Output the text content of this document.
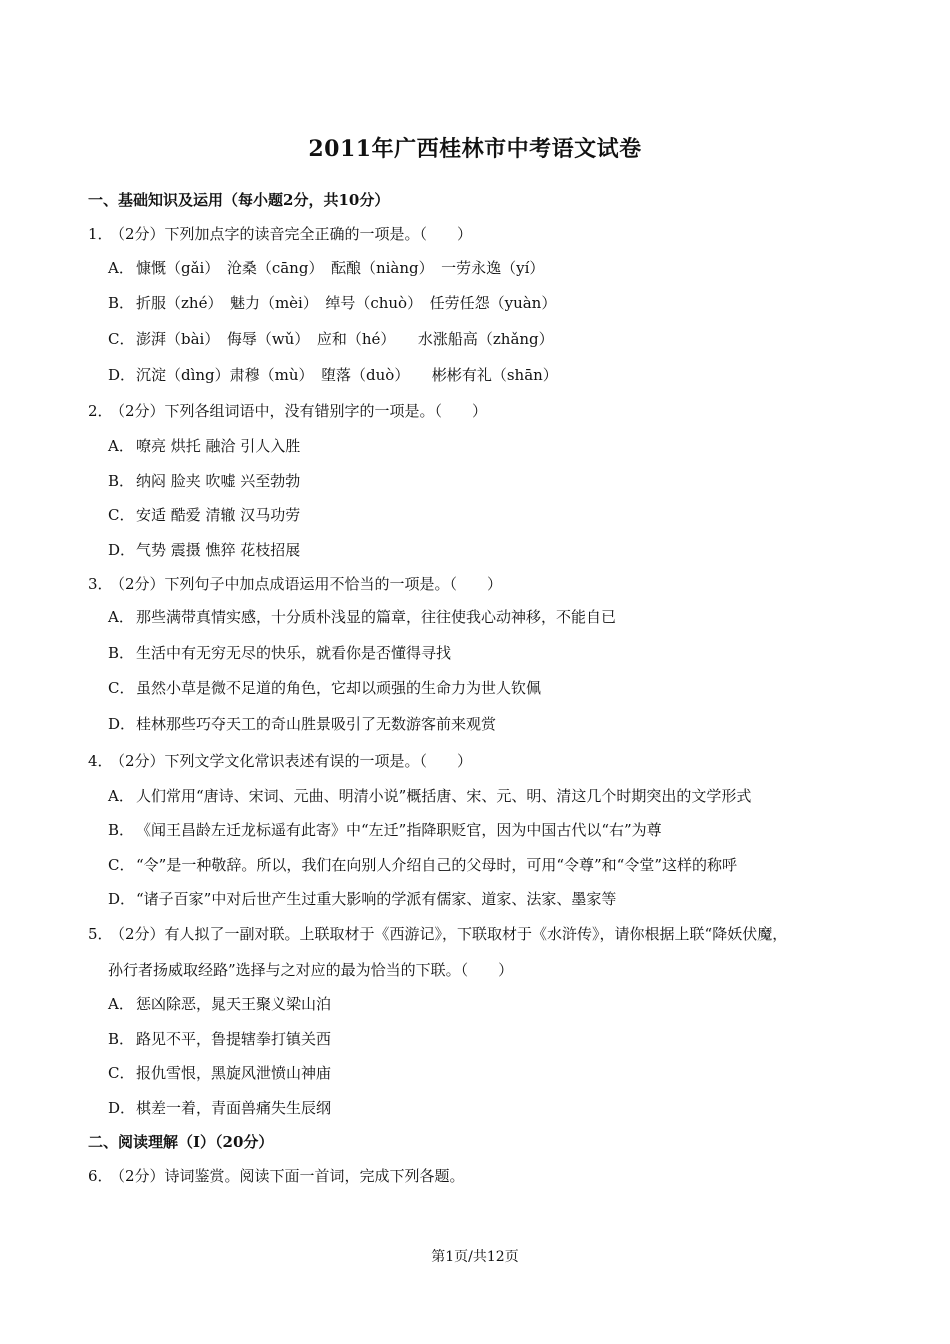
2011年广西桂林市中考语文试卷
一、基础知识及运用（每小题2分，共10分）
1．（2分）下列加点字的读音完全正确的一项是。（　　）
A． 慷慨（gǎi）　沧桑（cāng）　酝酿（niàng）　一劳永逸（yí）
B． 折服（zhé）　魅力（mèi）　绰号（chuò）　任劳任怨（yuàn）
C． 澎湃（bài）　侮辱（wǔ）　应和（hé）　　水涨船高（zhǎng）
D．沉淀（dìng）肃穆（mù）　堕落（duò）　　彬彬有礼（shān）
2．（2分）下列各组词语中，没有错别字的一项是。（　　）
A． 嘹亮 烘托 融洽 引人入胜
B． 纳闷 脸夹 吹嘘 兴至勃勃
C． 安适 酷爱 清辙 汉马功劳
D．气势 震摄 憔猝 花枝招展
3．（2分）下列句子中加点成语运用不恰当的一项是。（　　）
A． 那些满带真情实感，十分质朴浅显的篇章，往往使我心动神移，不能自已
B． 生活中有无穷无尽的快乐，就看你是否懂得寻找
C． 虽然小草是微不足道的角色，它却以顽强的生命力为世人钦佩
D．桂林那些巧夺天工的奇山胜景吸引了无数游客前来观赏
4．（2分）下列文学文化常识表述有误的一项是。（　　）
A． 人们常用“唐诗、宋词、元曲、明清小说”概括唐、宋、元、明、清这几个时期突出的文学形式
B． 《闻王昌龄左迁龙标遥有此寄》中“左迁”指降职贬官，因为中国古代以“右”为尊
C． “令”是一种敬辞。所以，我们在向别人介绍自己的父母时，可用“令尊”和“令堂”这样的称呼
D．“诸子百家”中对后世产生过重大影响的学派有儒家、道家、法家、墨家等
5．（2分）有人拟了一副对联。上联取材于《西游记》，下联取材于《水浒传》，请你根据上联“降妖伏魔，
孙行者扬威取经路”选择与之对应的最为恰当的下联。（　　）
A． 惩凶除恶，晁天王聚义梁山泊
B． 路见不平，鲁提辖拳打镇关西
C． 报仇雪恨，黑旋风泄愤山神庙
D．棋差一着，青面兽痛失生辰纲
二、阅读理解（Ⅰ）（20分）
6．（2分）诗词鉴赏。阅读下面一首词，完成下列各题。
第1页/共12页
